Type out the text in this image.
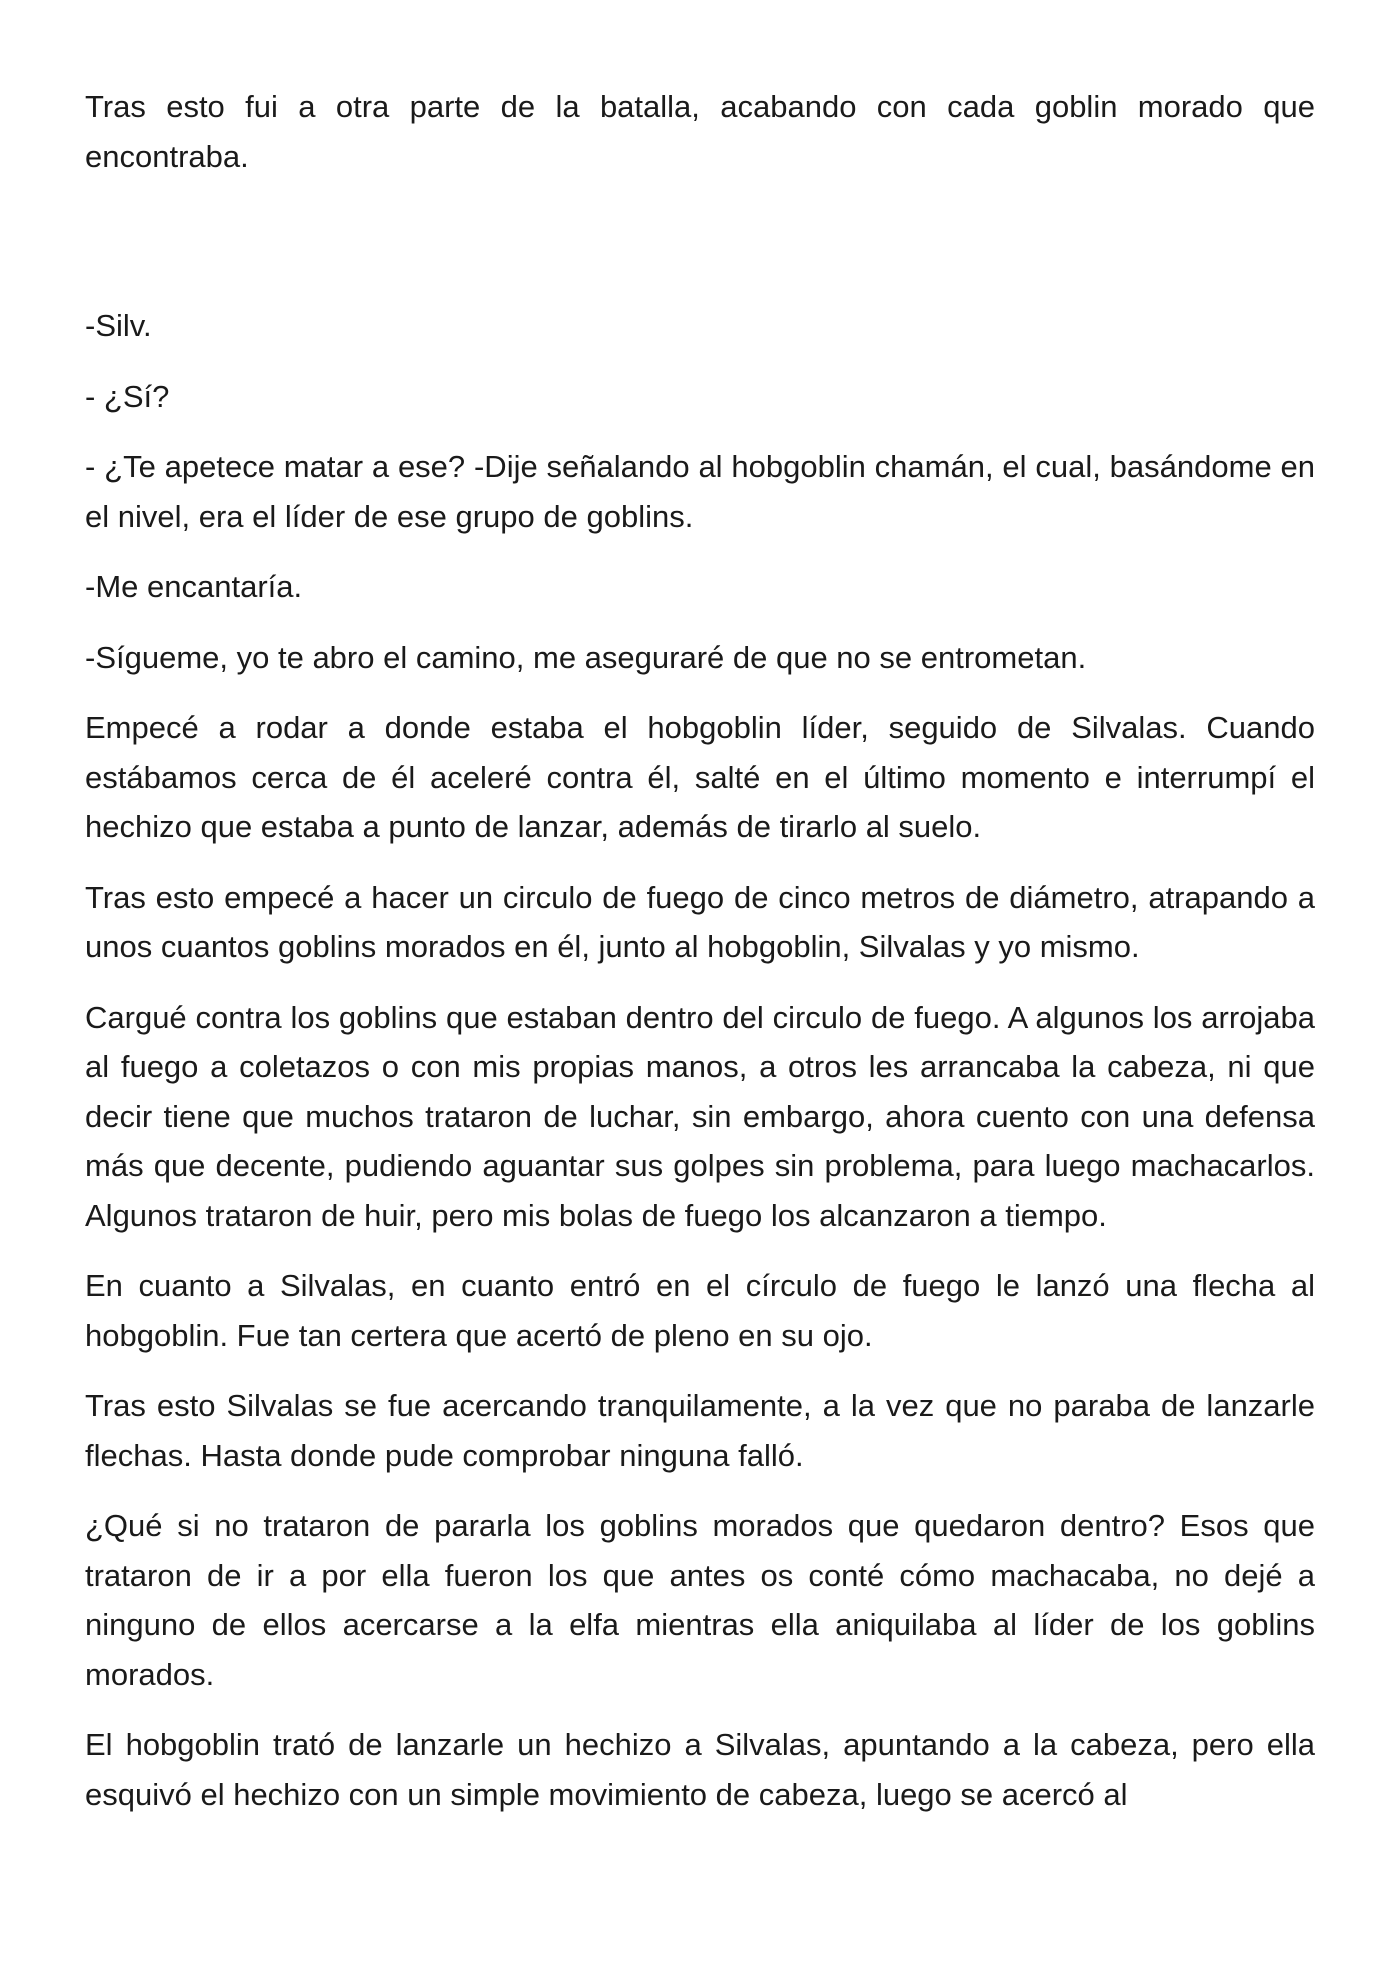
Tras esto fui a otra parte de la batalla, acabando con cada goblin morado que encontraba.

-Silv.

- ¿Sí?

- ¿Te apetece matar a ese? -Dije señalando al hobgoblin chamán, el cual, basándome en el nivel, era el líder de ese grupo de goblins.

-Me encantaría.

-Sígueme, yo te abro el camino, me aseguraré de que no se entrometan.

Empecé a rodar a donde estaba el hobgoblin líder, seguido de Silvalas. Cuando estábamos cerca de él aceleré contra él, salté en el último momento e interrumpí el hechizo que estaba a punto de lanzar, además de tirarlo al suelo.

Tras esto empecé a hacer un circulo de fuego de cinco metros de diámetro, atrapando a unos cuantos goblins morados en él, junto al hobgoblin, Silvalas y yo mismo.

Cargué contra los goblins que estaban dentro del circulo de fuego. A algunos los arrojaba al fuego a coletazos o con mis propias manos, a otros les arrancaba la cabeza, ni que decir tiene que muchos trataron de luchar, sin embargo, ahora cuento con una defensa más que decente, pudiendo aguantar sus golpes sin problema, para luego machacarlos. Algunos trataron de huir, pero mis bolas de fuego los alcanzaron a tiempo.

En cuanto a Silvalas, en cuanto entró en el círculo de fuego le lanzó una flecha al hobgoblin. Fue tan certera que acertó de pleno en su ojo.

Tras esto Silvalas se fue acercando tranquilamente, a la vez que no paraba de lanzarle flechas. Hasta donde pude comprobar ninguna falló.

¿Qué si no trataron de pararla los goblins morados que quedaron dentro? Esos que trataron de ir a por ella fueron los que antes os conté cómo machacaba, no dejé a ninguno de ellos acercarse a la elfa mientras ella aniquilaba al líder de los goblins morados.

El hobgoblin trató de lanzarle un hechizo a Silvalas, apuntando a la cabeza, pero ella esquivó el hechizo con un simple movimiento de cabeza, luego se acercó al
